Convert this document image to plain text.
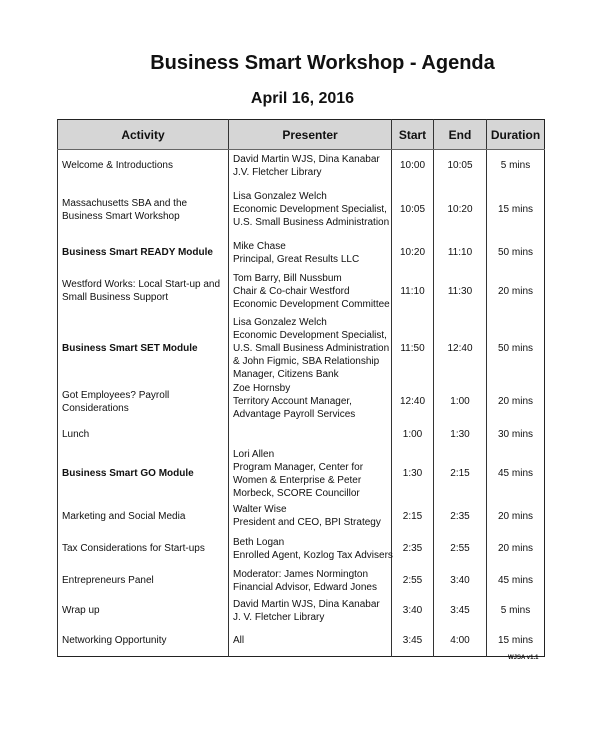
Business Smart Workshop - Agenda
April 16, 2016
Activity	Presenter	Start	End	Duration
Welcome & Introductions	David Martin WJS, Dina Kanabar
J.V. Fletcher Library	10:00	10:05	5 mins
Massachusetts SBA and the Business Smart Workshop	Lisa Gonzalez Welch
Economic Development Specialist,
U.S. Small Business Administration	10:05	10:20	15 mins
Business Smart READY Module	Mike Chase
Principal, Great Results LLC	10:20	11:10	50 mins
Westford Works: Local Start-up and Small Business Support	Tom Barry, Bill Nussbum
Chair & Co-chair Westford
Economic Development Committee	11:10	11:30	20 mins
Business Smart SET Module	Lisa Gonzalez Welch
Economic Development Specialist,
U.S. Small Business Administration
& John Figmic, SBA Relationship
Manager, Citizens Bank	11:50	12:40	50 mins
Got Employees? Payroll Considerations	Zoe Hornsby
Territory Account Manager,
Advantage Payroll Services	12:40	1:00	20 mins
Lunch		1:00	1:30	30 mins
Business Smart GO Module	Lori Allen
Program Manager, Center for
Women & Enterprise & Peter
Morbeck, SCORE Councillor	1:30	2:15	45 mins
Marketing and Social Media	Walter Wise
President and CEO, BPI Strategy	2:15	2:35	20 mins
Tax Considerations for Start-ups	Beth Logan
Enrolled Agent, Kozlog Tax Advisers	2:35	2:55	20 mins
Entrepreneurs Panel	Moderator: James Normington
Financial Advisor, Edward Jones	2:55	3:40	45 mins
Wrap up	David Martin WJS, Dina Kanabar
J. V. Fletcher Library	3:40	3:45	5 mins
Networking Opportunity	All	3:45	4:00	15 mins
WJSA v1.1
